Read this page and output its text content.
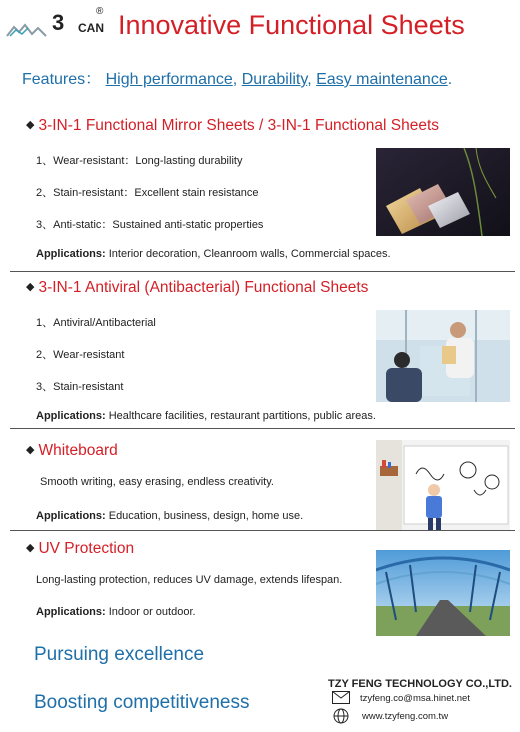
3 CAN
® Innovative Functional Sheets
Features： High performance, Durability, Easy maintenance.
◆ 3-IN-1 Functional Mirror Sheets / 3-IN-1 Functional Sheets
1、Wear-resistant：Long-lasting durability
2、Stain-resistant：Excellent stain resistance
3、Anti-static：Sustained anti-static properties
Applications: Interior decoration, Cleanroom walls, Commercial spaces.
◆ 3-IN-1 Antiviral (Antibacterial) Functional Sheets
1、Antiviral/Antibacterial
2、Wear-resistant
3、Stain-resistant
Applications: Healthcare facilities, restaurant partitions, public areas.
◆ Whiteboard
Smooth writing, easy erasing, endless creativity.
Applications: Education, business, design, home use.
◆ UV Protection
Long-lasting protection, reduces UV damage, extends lifespan.
Applications: Indoor or outdoor.
Pursuing excellence
Boosting competitiveness
TZY FENG TECHNOLOGY CO.,LTD.
tzyfeng.co@msa.hinet.net
www.tzyfeng.com.tw
